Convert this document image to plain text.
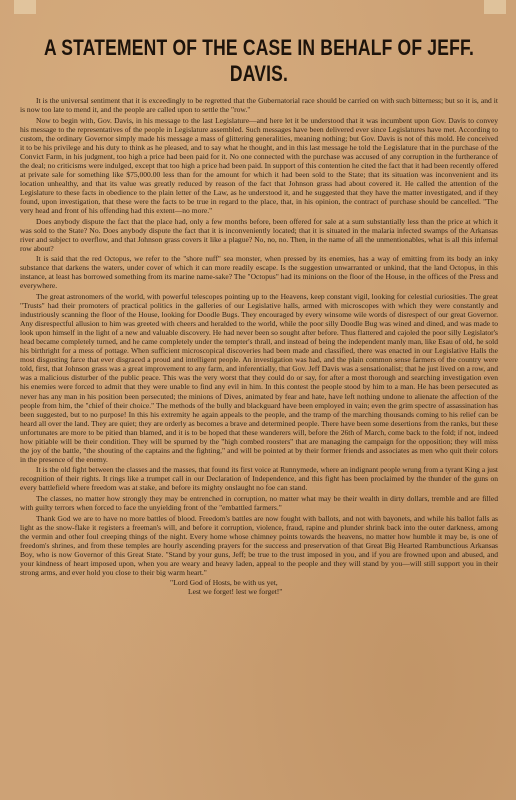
A STATEMENT OF THE CASE IN BEHALF OF JEFF. DAVIS.

It is the universal sentiment that it is exceedingly to be regretted that the Gubernatorial race should be carried on with such bitterness; but so it is, and it is now too late to mend it, and the people are called upon to settle the "row."

Now to begin with, Gov. Davis, in his message to the last Legislature—and here let it be understood that it was incumbent upon Gov. Davis to convey his message to the representatives of the people in Legislature assembled. Such messages have been delivered ever since Legislatures have met. According to custom, the ordinary Governor simply made his message a mass of glittering generalities, meaning nothing; but Gov. Davis is not of this mold. He conceived it to be his privilege and his duty to think as he pleased, and to say what he thought, and in this last message he told the Legislature that in the purchase of the Convict Farm, in his judgment, too high a price had been paid for it. No one connected with the purchase was accused of any corruption in the furtherance of the deal; no criticisms were indulged, except that too high a price had been paid. In support of this contention he cited the fact that it had been recently offered at private sale for something like $75,000.00 less than for the amount for which it had been sold to the State; that its situation was inconvenient and its location unhealthy, and that its value was greatly reduced by reason of the fact that Johnson grass had about covered it. He called the attention of the Legislature to these facts in obedience to the plain letter of the Law, as he understood it, and he suggested that they have the matter investigated, and if they found, upon investigation, that these were the facts to be true in regard to the place, that, in his opinion, the contract of purchase should be cancelled. "The very head and front of his offending had this extent—no more."

Does anybody dispute the fact that the place had, only a few months before, been offered for sale at a sum substantially less than the price at which it was sold to the State? No. Does anybody dispute the fact that it is inconveniently located; that it is situated in the malaria infected swamps of the Arkansas river and subject to overflow, and that Johnson grass covers it like a plague? No, no, no. Then, in the name of all the unmentionables, what is all this infernal row about?

It is said that the red Octopus, we refer to the "shore nuff" sea monster, when pressed by its enemies, has a way of emitting from its body an inky substance that darkens the waters, under cover of which it can more readily escape. Is the suggestion unwarranted or unkind, that the land Octopus, in this instance, at least has borrowed something from its marine name-sake? The "Octopus" had its minions on the floor of the House, in the offices of the Press and everywhere.

The great astronomers of the world, with powerful telescopes pointing up to the Heavens, keep constant vigil, looking for celestial curiosities. The great "Trusts" had their promoters of practical politics in the galleries of our Legislative halls, armed with microscopes with which they were constantly and industriously scanning the floor of the House, looking for Doodle Bugs. They encouraged by every winsome wile words of disrespect of our great Governor. Any disrespectful allusion to him was greeted with cheers and heralded to the world, while the poor silly Doodle Bug was wined and dined, and was made to look upon himself in the light of a new and valuable discovery. He had never been so sought after before. Thus flattered and cajoled the poor silly Legislator's head became completely turned, and he came completely under the tempter's thrall, and instead of being the independent manly man, like Esau of old, he sold his birthright for a mess of pottage. When sufficient microscopical discoveries had been made and classified, there was enacted in our Legislative Halls the most disgusting farce that ever disgraced a proud and intelligent people. An investigation was had, and the plain common sense farmers of the country were told, first, that Johnson grass was a great improvement to any farm, and inferentially, that Gov. Jeff Davis was a sensationalist; that he just lived on a row, and was a malicious disturber of the public peace. This was the very worst that they could do or say, for after a most thorough and searching investigation even his enemies were forced to admit that they were unable to find any evil in him. In this contest the people stood by him to a man. He has been persecuted as never has any man in his position been persecuted; the minions of Dives, animated by fear and hate, have left nothing undone to alienate the affection of the people from him, the "chief of their choice." The methods of the bully and blackguard have been employed in vain; even the grim spectre of assassination has been suggested, but to no purpose! In this his extremity he again appeals to the people, and the tramp of the marching thousands coming to his relief can be heard all over the land. They are quiet; they are orderly as becomes a brave and determined people. There have been some desertions from the ranks, but these unfortunates are more to be pitied than blamed, and it is to be hoped that these wanderers will, before the 26th of March, come back to the fold; if not, indeed how pitiable will be their condition. They will be spurned by the "high combed roosters" that are managing the campaign for the opposition; they will miss the joy of the battle, "the shouting of the captains and the fighting," and will be pointed at by their former friends and associates as men who quit their colors in the presence of the enemy.

It is the old fight between the classes and the masses, that found its first voice at Runnymede, where an indignant people wrung from a tyrant King a just recognition of their rights. It rings like a trumpet call in our Declaration of Independence, and this fight has been proclaimed by the thunder of the guns on every battlefield where freedom was at stake, and before its mighty onslaught no foe can stand.

The classes, no matter how strongly they may be entrenched in corruption, no matter what may be their wealth in dirty dollars, tremble and are filled with guilty terrors when forced to face the unyielding front of the "embattled farmers."

Thank God we are to have no more battles of blood. Freedom's battles are now fought with ballots, and not with bayonets, and while his ballot falls as light as the snow-flake it registers a freeman's will, and before it corruption, violence, fraud, rapine and plunder shrink back into the outer darkness, among the vermin and other foul creeping things of the night. Every home whose chimney points towards the heavens, no matter how humble it may be, is one of freedom's shrines, and from these temples are hourly ascending prayers for the success and preservation of that Great Big Hearted Rambunctious Arkansas Boy, who is now Governor of this Great State. "Stand by your guns, Jeff; be true to the trust imposed in you, and if you are frowned upon and abused, and your kindness of heart imposed upon, when you are weary and heavy laden, appeal to the people and they will stand by you—will still support you in their strong arms, and ever hold you close to their big warm heart."

"Lord God of Hosts, be with us yet,
Lest we forget! lest we forget!"
